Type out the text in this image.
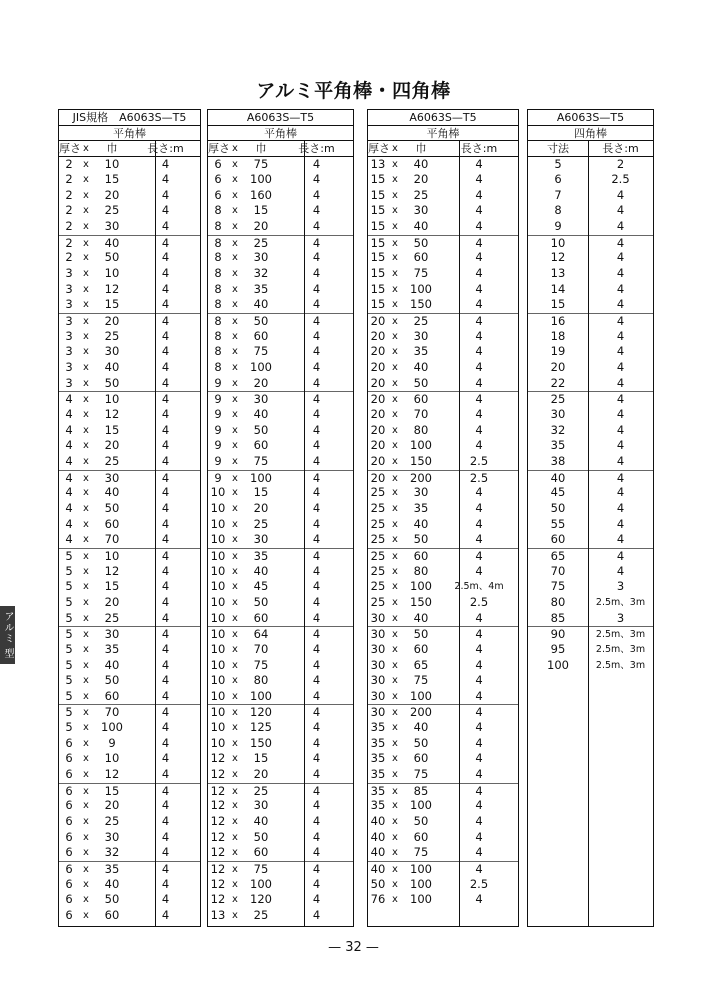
アルミ平角棒・四角棒
JIS規格　A6063S—T5
平角棒
厚さ x	巾	長さ:m
2	x	10	4
2	x	15	4
2	x	20	4
2	x	25	4
2	x	30	4
2	x	40	4
2	x	50	4
3	x	10	4
3	x	12	4
3	x	15	4
3	x	20	4
3	x	25	4
3	x	30	4
3	x	40	4
3	x	50	4
4	x	10	4
4	x	12	4
4	x	15	4
4	x	20	4
4	x	25	4
4	x	30	4
4	x	40	4
4	x	50	4
4	x	60	4
4	x	70	4
5	x	10	4
5	x	12	4
5	x	15	4
5	x	20	4
5	x	25	4
5	x	30	4
5	x	35	4
5	x	40	4
5	x	50	4
5	x	60	4
5	x	70	4
5	x	100	4
6	x	9	4
6	x	10	4
6	x	12	4
6	x	15	4
6	x	20	4
6	x	25	4
6	x	30	4
6	x	32	4
6	x	35	4
6	x	40	4
6	x	50	4
6	x	60	4
A6063S—T5
平角棒
厚さ x	巾	長さ:m
6	x	75	4
6	x	100	4
6	x	160	4
8	x	15	4
8	x	20	4
8	x	25	4
8	x	30	4
8	x	32	4
8	x	35	4
8	x	40	4
8	x	50	4
8	x	60	4
8	x	75	4
8	x	100	4
9	x	20	4
9	x	30	4
9	x	40	4
9	x	50	4
9	x	60	4
9	x	75	4
9	x	100	4
10 x	15	4
10 x	20	4
10 x	25	4
10 x	30	4
10 x	35	4
10 x	40	4
10 x	45	4
10 x	50	4
10 x	60	4
10 x	64	4
10 x	70	4
10 x	75	4
10 x	80	4
10 x	100	4
10 x	120	4
10 x	125	4
10 x	150	4
12 x	15	4
12 x	20	4
12 x	25	4
12 x	30	4
12 x	40	4
12 x	50	4
12 x	60	4
12 x	75	4
12 x	100	4
12 x	120	4
13 x	25	4
A6063S—T5
平角棒
厚さ x	巾	長さ:m
13 x	40	4
15 x	20	4
15 x	25	4
15 x	30	4
15 x	40	4
15 x	50	4
15 x	60	4
15 x	75	4
15 x	100	4
15 x	150	4
20 x	25	4
20 x	30	4
20 x	35	4
20 x	40	4
20 x	50	4
20 x	60	4
20 x	70	4
20 x	80	4
20 x	100	4
20 x	150	2.5
20 x	200	2.5
25 x	30	4
25 x	35	4
25 x	40	4
25 x	50	4
25 x	60	4
25 x	80	4
25 x	100	2.5m、4m
25 x	150	2.5
30 x	40	4
30 x	50	4
30 x	60	4
30 x	65	4
30 x	75	4
30 x	100	4
30 x	200	4
35 x	40	4
35 x	50	4
35 x	60	4
35 x	75	4
35 x	85	4
35 x	100	4
40 x	50	4
40 x	60	4
40 x	75	4
40 x	100	4
50 x	100	2.5
76 x	100	4
A6063S—T5
四角棒
寸法	長さ:m
5	2
6	2.5
7	4
8	4
9	4
10	4
12	4
13	4
14	4
15	4
16	4
18	4
19	4
20	4
22	4
25	4
30	4
32	4
35	4
38	4
40	4
45	4
50	4
55	4
60	4
65	4
70	4
75	3
80	2.5m、3m
85	3
90	2.5m、3m
95	2.5m、3m
100	2.5m、3m
— 32 —
アルミ 型
